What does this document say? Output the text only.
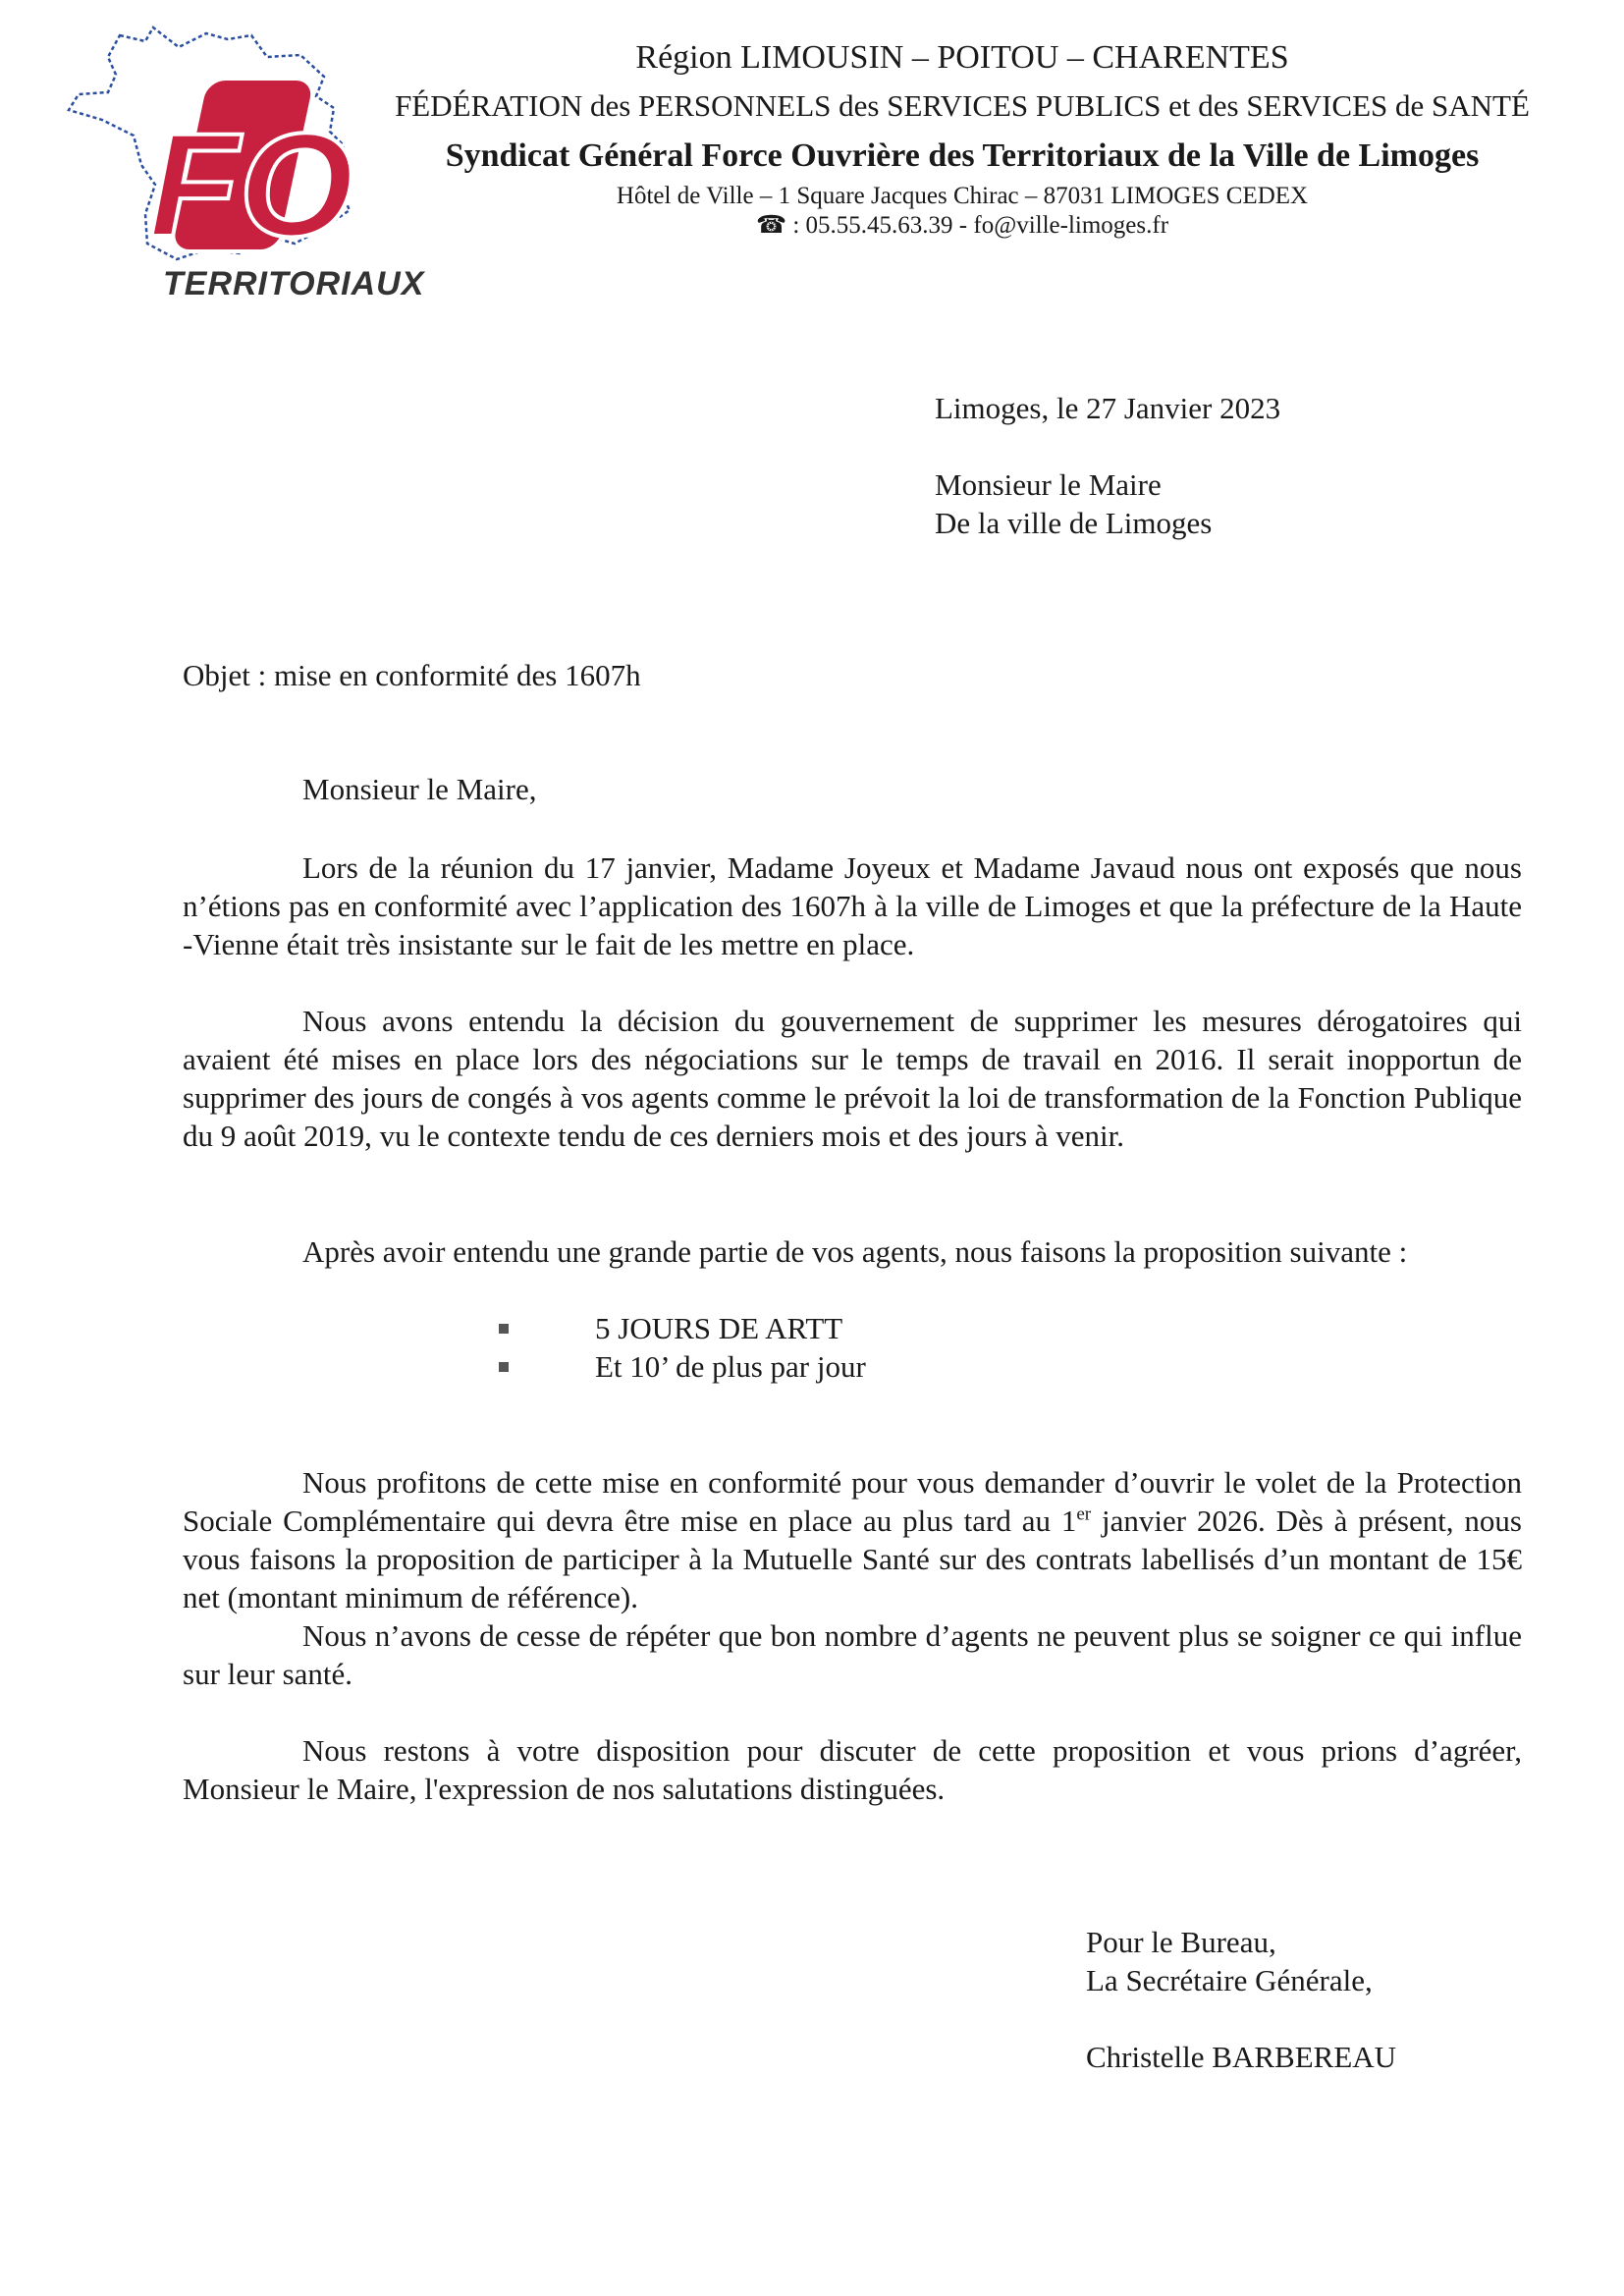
FO
TERRITORIAUX
Région LIMOUSIN – POITOU – CHARENTES
FÉDÉRATION des PERSONNELS des SERVICES PUBLICS et des SERVICES de SANTÉ
Syndicat Général Force Ouvrière des Territoriaux de la Ville de Limoges
Hôtel de Ville – 1 Square Jacques Chirac – 87031 LIMOGES CEDEX
☎ : 05.55.45.63.39 - fo@ville-limoges.fr
Limoges, le 27 Janvier 2023
Monsieur le Maire
De la ville de Limoges
Objet : mise en conformité des 1607h
Monsieur le Maire,
Lors de la réunion du 17 janvier, Madame Joyeux et Madame Javaud nous ont exposés que nous n’étions pas en conformité avec l’application des 1607h à la ville de Limoges et que la préfecture de la Haute -Vienne était très insistante sur le fait de les mettre en place.
Nous avons entendu la décision du gouvernement de supprimer les mesures dérogatoires qui avaient été mises en place lors des négociations sur le temps de travail en 2016. Il serait inopportun de supprimer des jours de congés à vos agents comme le prévoit la loi de transformation de la Fonction Publique du 9 août 2019, vu le contexte tendu de ces derniers mois et des jours à venir.
Après avoir entendu une grande partie de vos agents, nous faisons la proposition suivante :
5 JOURS DE ARTT
Et 10’ de plus par jour
Nous profitons de cette mise en conformité pour vous demander d’ouvrir le volet de la Protection Sociale Complémentaire qui devra être mise en place au plus tard au 1er janvier 2026. Dès à présent, nous vous faisons la proposition de participer à la Mutuelle Santé sur des contrats labellisés d’un montant de 15€ net (montant minimum de référence).
Nous n’avons de cesse de répéter que bon nombre d’agents ne peuvent plus se soigner ce qui influe sur leur santé.
Nous restons à votre disposition pour discuter de cette proposition et vous prions d’agréer, Monsieur le Maire, l'expression de nos salutations distinguées.
Pour le Bureau,
La Secrétaire Générale,
Christelle BARBEREAU
